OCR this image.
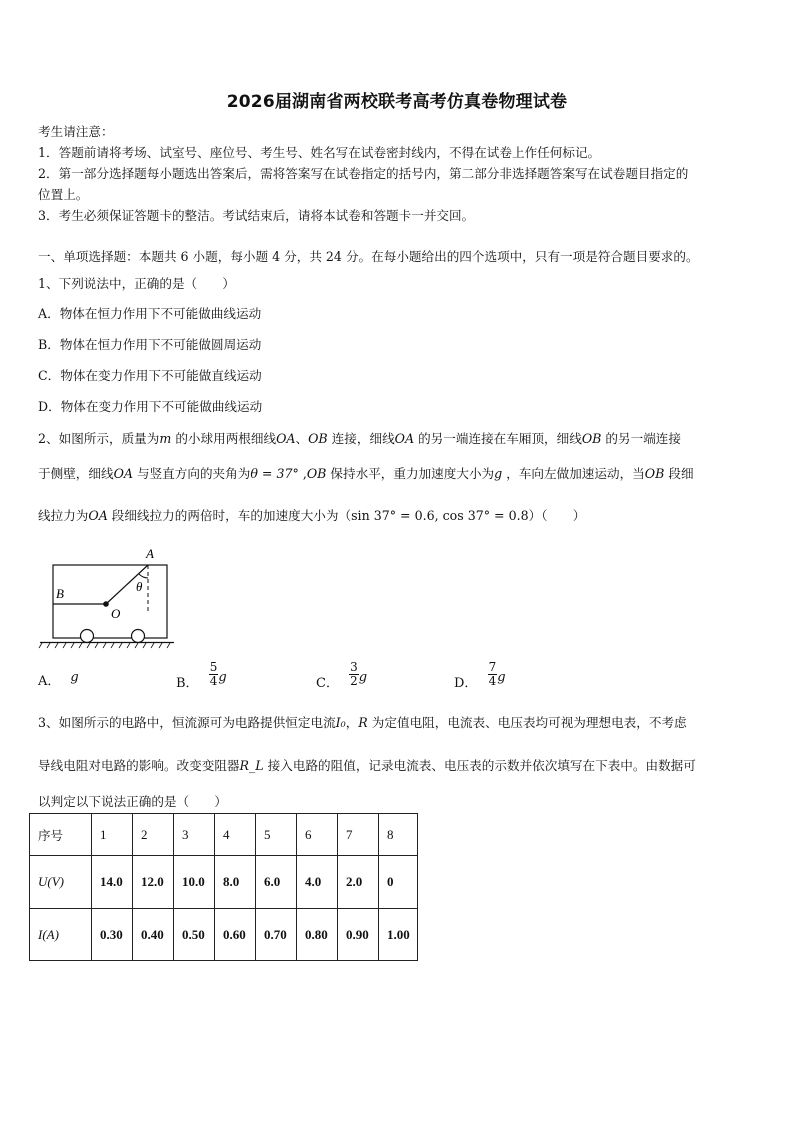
2026届湖南省两校联考高考仿真卷物理试卷
考生请注意：
1．答题前请将考场、试室号、座位号、考生号、姓名写在试卷密封线内，不得在试卷上作任何标记。
2．第一部分选择题每小题选出答案后，需将答案写在试卷指定的括号内，第二部分非选择题答案写在试卷题目指定的
位置上。
3．考生必须保证答题卡的整洁。考试结束后，请将本试卷和答题卡一并交回。
一、单项选择题：本题共 6 小题，每小题 4 分，共 24 分。在每小题给出的四个选项中，只有一项是符合题目要求的。
1、下列说法中，正确的是（　　）
A．物体在恒力作用下不可能做曲线运动
B．物体在恒力作用下不可能做圆周运动
C．物体在变力作用下不可能做直线运动
D．物体在变力作用下不可能做曲线运动
2、如图所示，质量为m 的小球用两根细线OA、OB 连接，细线OA 的另一端连接在车厢顶，细线OB 的另一端连接
于侧壁，细线OA 与竖直方向的夹角为θ = 37° ,OB 保持水平，重力加速度大小为g ，车向左做加速运动，当OB 段细
线拉力为OA 段细线拉力的两倍时，车的加速度大小为（sin 37° = 0.6, cos 37° = 0.8）（　　）
A
B
O
θ
A． g	B． $\frac{5}{4}$ g	C． $\frac{3}{2}$ g	D． $\frac{7}{4}$ g
3、如图所示的电路中，恒流源可为电路提供恒定电流I₀，R 为定值电阻，电流表、电压表均可视为理想电表，不考虑
导线电阻对电路的影响。改变变阻器R_L 接入电路的阻值，记录电流表、电压表的示数并依次填写在下表中。由数据可
以判定以下说法正确的是（　　）
序号	1	2	3	4	5	6	7	8
U(V)	14.0	12.0	10.0	8.0	6.0	4.0	2.0	0
I(A)	0.30	0.40	0.50	0.60	0.70	0.80	0.90	1.00
